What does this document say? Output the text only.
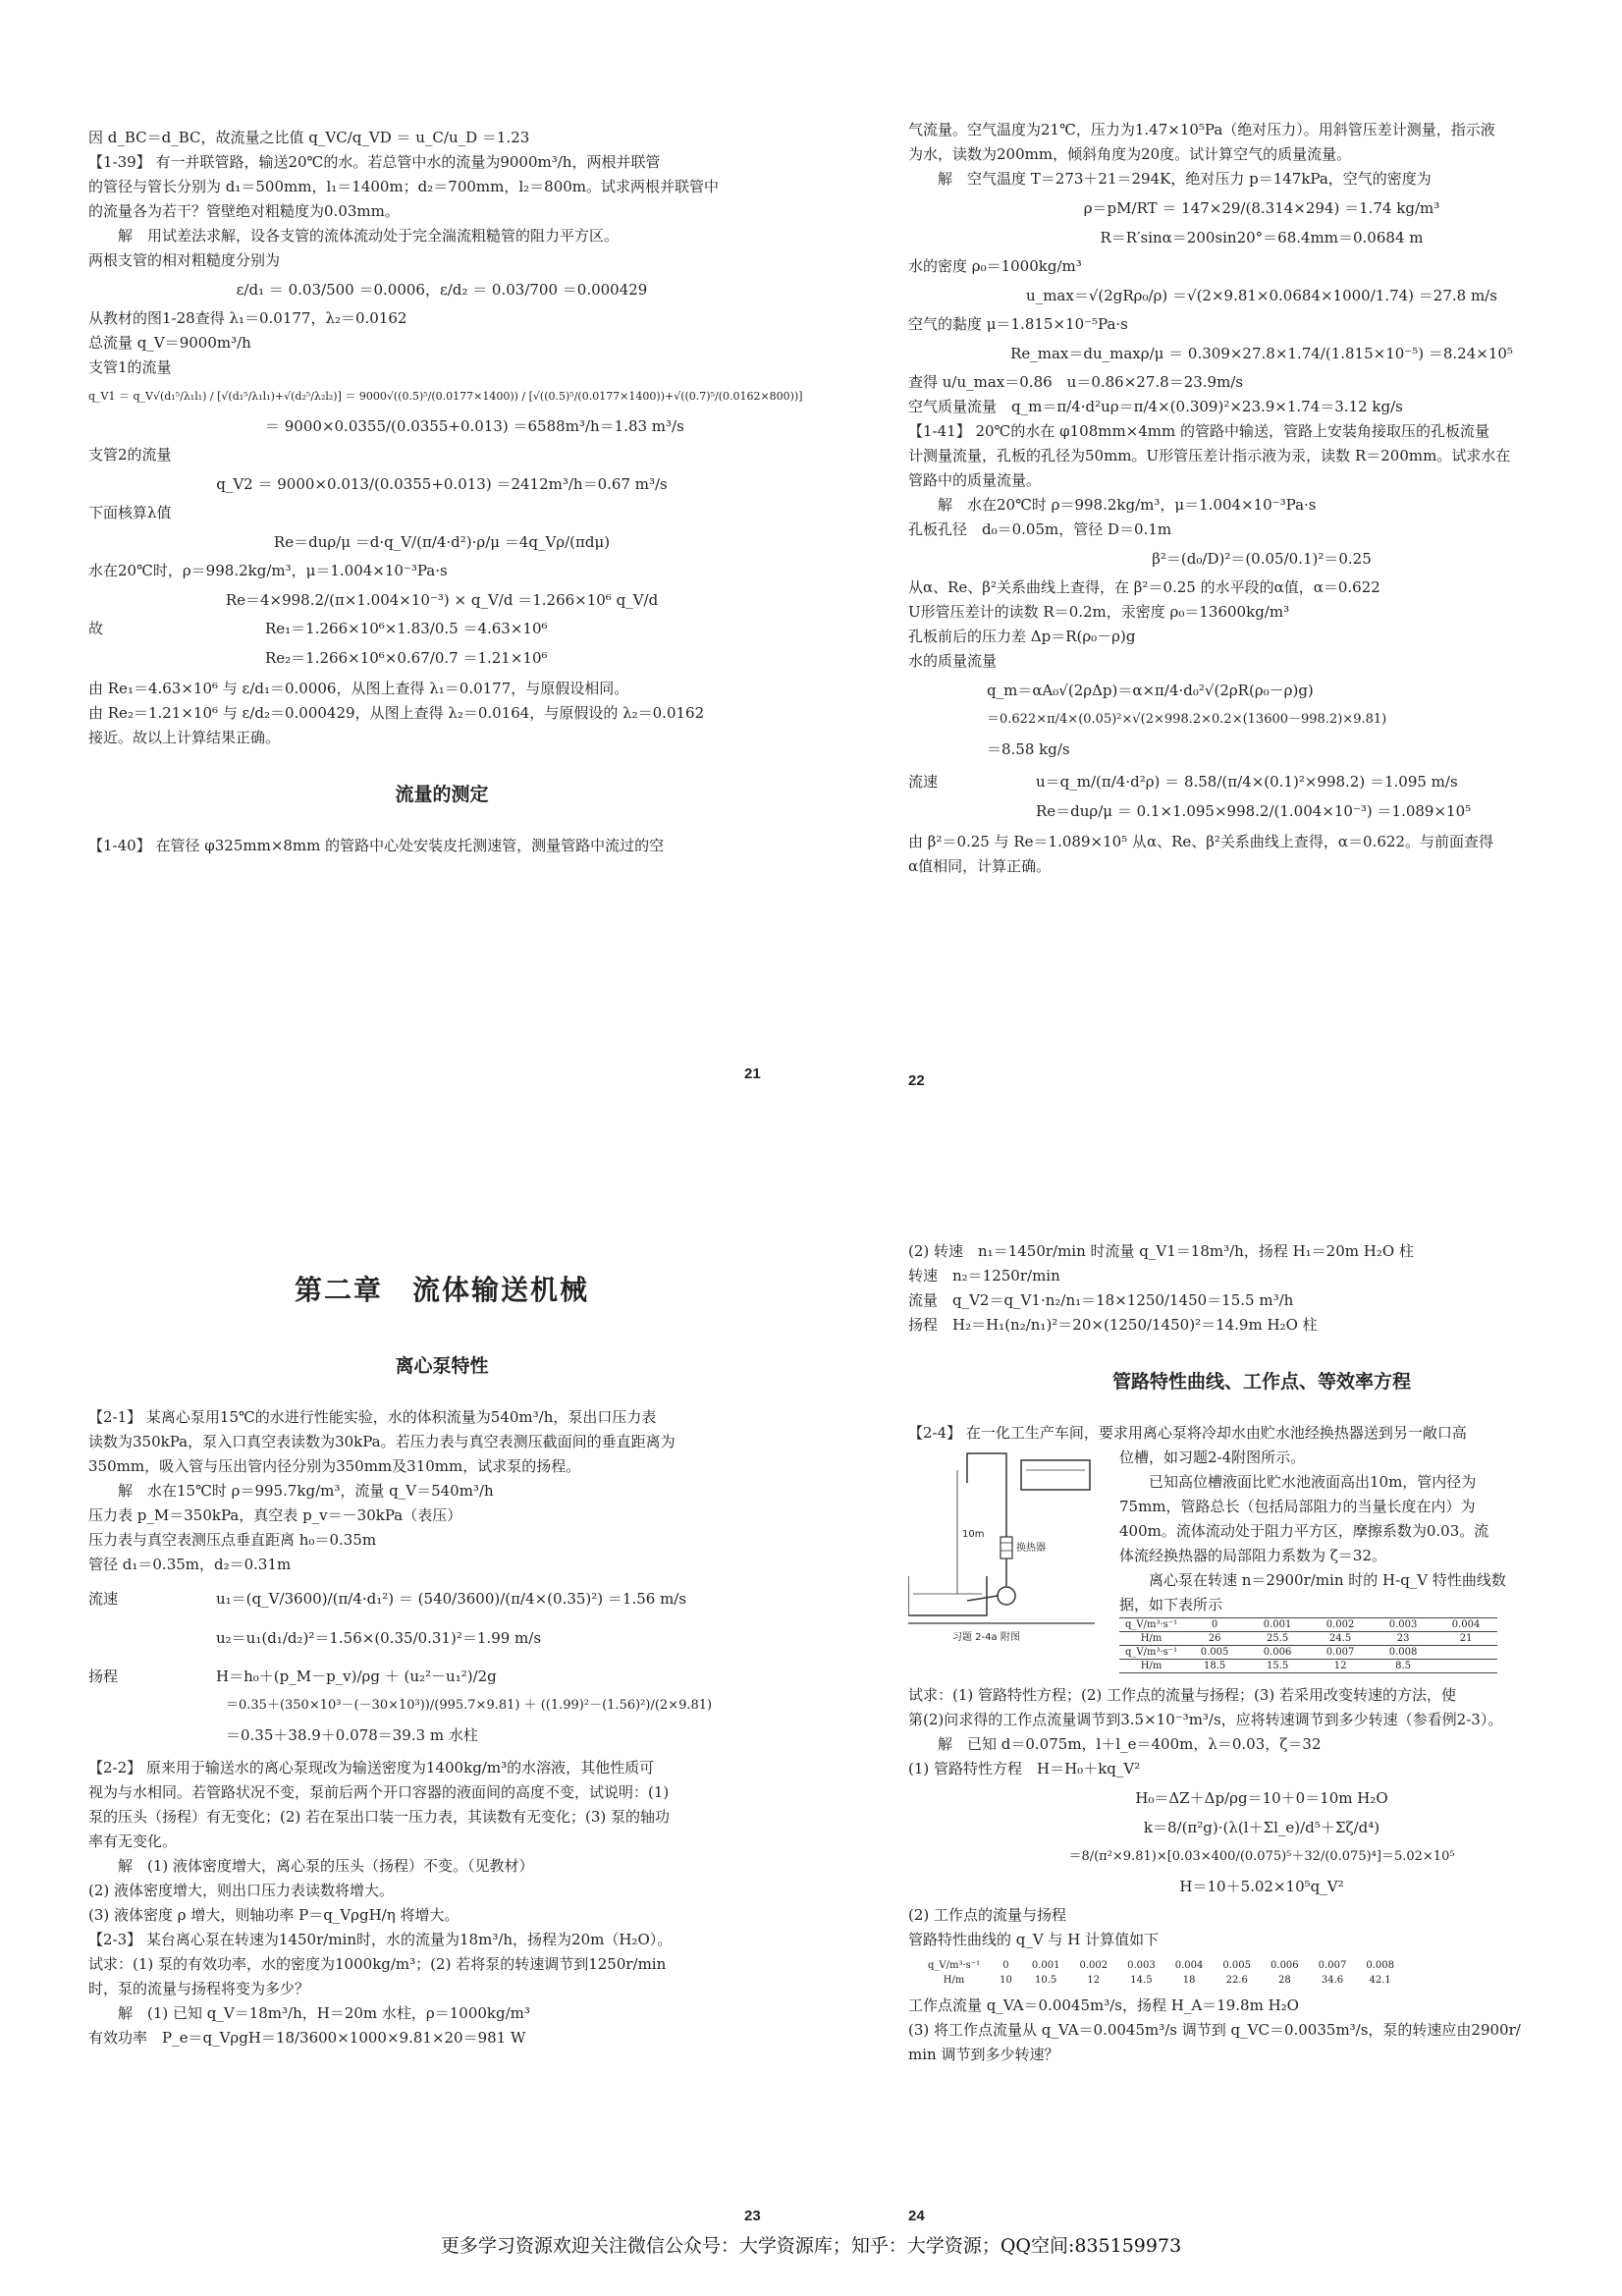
因 d_BC＝d_BC，故流量之比值 q_VC/q_VD ＝ u_C/u_D ＝1.23

【1-39】 有一并联管路，输送20℃的水。若总管中水的流量为9000m³/h，两根并联管

的管径与管长分别为 d₁＝500mm，l₁＝1400m；d₂＝700mm，l₂＝800m。试求两根并联管中

的流量各为若干？管壁绝对粗糙度为0.03mm。

解　用试差法求解，设各支管的流体流动处于完全湍流粗糙管的阻力平方区。

两根支管的相对粗糙度分别为

ε/d₁ ＝ 0.03/500 ＝0.0006，ε/d₂ ＝ 0.03/700 ＝0.000429

从教材的图1-28查得 λ₁＝0.0177，λ₂＝0.0162

总流量 q_V＝9000m³/h

支管1的流量

q_V1 ＝ q_V√(d₁⁵/λ₁l₁) / [√(d₁⁵/λ₁l₁)+√(d₂⁵/λ₂l₂)] ＝ 9000√((0.5)⁵/(0.0177×1400)) / [√((0.5)⁵/(0.0177×1400))+√((0.7)⁵/(0.0162×800))]

＝ 9000×0.0355/(0.0355+0.013) ＝6588m³/h＝1.83 m³/s

支管2的流量

q_V2 ＝ 9000×0.013/(0.0355+0.013) ＝2412m³/h＝0.67 m³/s

下面核算λ值

Re＝duρ/μ ＝d·q_V/(π/4·d²)·ρ/μ ＝4q_Vρ/(πdμ)

水在20℃时，ρ＝998.2kg/m³，μ＝1.004×10⁻³Pa·s

Re＝4×998.2/(π×1.004×10⁻³) × q_V/d ＝1.266×10⁶ q_V/d

故	Re₁＝1.266×10⁶×1.83/0.5 ＝4.63×10⁶

Re₂＝1.266×10⁶×0.67/0.7 ＝1.21×10⁶

由 Re₁＝4.63×10⁶ 与 ε/d₁＝0.0006，从图上查得 λ₁＝0.0177，与原假设相同。

由 Re₂＝1.21×10⁶ 与 ε/d₂＝0.000429，从图上查得 λ₂＝0.0164，与原假设的 λ₂＝0.0162

接近。故以上计算结果正确。

流量的测定

【1-40】 在管径 φ325mm×8mm 的管路中心处安装皮托测速管，测量管路中流过的空

21

气流量。空气温度为21℃，压力为1.47×10⁵Pa（绝对压力）。用斜管压差计测量，指示液

为水，读数为200mm，倾斜角度为20度。试计算空气的质量流量。

解　空气温度 T＝273＋21＝294K，绝对压力 p＝147kPa，空气的密度为

ρ＝pM/RT ＝ 147×29/(8.314×294) ＝1.74 kg/m³

R＝R′sinα＝200sin20°＝68.4mm＝0.0684 m

水的密度 ρ₀＝1000kg/m³

u_max＝√(2gRρ₀/ρ) ＝√(2×9.81×0.0684×1000/1.74) ＝27.8 m/s

空气的黏度 μ＝1.815×10⁻⁵Pa·s

Re_max＝du_maxρ/μ ＝ 0.309×27.8×1.74/(1.815×10⁻⁵) ＝8.24×10⁵

查得 u/u_max＝0.86　u＝0.86×27.8＝23.9m/s

空气质量流量　q_m＝π/4·d²uρ＝π/4×(0.309)²×23.9×1.74＝3.12 kg/s

【1-41】 20℃的水在 φ108mm×4mm 的管路中输送，管路上安装角接取压的孔板流量

计测量流量，孔板的孔径为50mm。U形管压差计指示液为汞，读数 R＝200mm。试求水在

管路中的质量流量。

解　水在20℃时 ρ＝998.2kg/m³，μ＝1.004×10⁻³Pa·s

孔板孔径　d₀＝0.05m，管径 D＝0.1m

β²＝(d₀/D)²＝(0.05/0.1)²＝0.25

从α、Re、β²关系曲线上查得，在 β²＝0.25 的水平段的α值，α＝0.622

U形管压差计的读数 R＝0.2m，汞密度 ρ₀＝13600kg/m³

孔板前后的压力差 Δp＝R(ρ₀－ρ)g

水的质量流量

q_m＝αA₀√(2ρΔp)＝α×π/4·d₀²√(2ρR(ρ₀－ρ)g)

＝0.622×π/4×(0.05)²×√(2×998.2×0.2×(13600－998.2)×9.81)

＝8.58 kg/s

流速	u＝q_m/(π/4·d²ρ) ＝ 8.58/(π/4×(0.1)²×998.2) ＝1.095 m/s

Re＝duρ/μ ＝ 0.1×1.095×998.2/(1.004×10⁻³) ＝1.089×10⁵

由 β²＝0.25 与 Re＝1.089×10⁵ 从α、Re、β²关系曲线上查得，α＝0.622。与前面查得

α值相同，计算正确。

22
第二章　流体输送机械
离心泵特性

【2-1】 某离心泵用15℃的水进行性能实验，水的体积流量为540m³/h，泵出口压力表

读数为350kPa，泵入口真空表读数为30kPa。若压力表与真空表测压截面间的垂直距离为

350mm，吸入管与压出管内径分别为350mm及310mm，试求泵的扬程。

解　水在15℃时 ρ＝995.7kg/m³，流量 q_V＝540m³/h

压力表 p_M＝350kPa，真空表 p_v＝－30kPa（表压）

压力表与真空表测压点垂直距离 h₀＝0.35m

管径 d₁＝0.35m，d₂＝0.31m

流速	u₁＝(q_V/3600)/(π/4·d₁²) ＝ (540/3600)/(π/4×(0.35)²) ＝1.56 m/s

u₂＝u₁(d₁/d₂)²＝1.56×(0.35/0.31)²＝1.99 m/s

扬程	H＝h₀＋(p_M－p_v)/ρg ＋ (u₂²－u₁²)/2g

＝0.35＋(350×10³－(－30×10³))/(995.7×9.81) ＋ ((1.99)²－(1.56)²)/(2×9.81)

＝0.35＋38.9＋0.078＝39.3 m 水柱

【2-2】 原来用于输送水的离心泵现改为输送密度为1400kg/m³的水溶液，其他性质可

视为与水相同。若管路状况不变，泵前后两个开口容器的液面间的高度不变，试说明：(1)

泵的压头（扬程）有无变化；(2) 若在泵出口装一压力表，其读数有无变化；(3) 泵的轴功

率有无变化。

解　(1) 液体密度增大，离心泵的压头（扬程）不变。（见教材）

(2) 液体密度增大，则出口压力表读数将增大。

(3) 液体密度 ρ 增大，则轴功率 P＝q_VρgH/η 将增大。

【2-3】 某台离心泵在转速为1450r/min时，水的流量为18m³/h，扬程为20m（H₂O）。

试求：(1) 泵的有效功率，水的密度为1000kg/m³；(2) 若将泵的转速调节到1250r/min

时，泵的流量与扬程将变为多少？

解　(1) 已知 q_V＝18m³/h，H＝20m 水柱，ρ＝1000kg/m³

有效功率　P_e＝q_VρgH＝18/3600×1000×9.81×20＝981 W

23

(2) 转速　n₁＝1450r/min 时流量 q_V1＝18m³/h，扬程 H₁＝20m H₂O 柱

转速　n₂＝1250r/min

流量　q_V2＝q_V1·n₂/n₁＝18×1250/1450＝15.5 m³/h

扬程　H₂＝H₁(n₂/n₁)²＝20×(1250/1450)²＝14.9m H₂O 柱

管路特性曲线、工作点、等效率方程

【2-4】 在一化工生产车间，要求用离心泵将冷却水由贮水池经换热器送到另一敞口高

位槽，如习题2-4附图所示。

已知高位槽液面比贮水池液面高出10m，管内径为

75mm，管路总长（包括局部阻力的当量长度在内）为

400m。流体流动处于阻力平方区，摩擦系数为0.03。流

体流经换热器的局部阻力系数为 ζ＝32。

离心泵在转速 n＝2900r/min 时的 H-q_V 特性曲线数

据，如下表所示

q_V/m³·s⁻¹	0	0.001	0.002	0.003	0.004
H/m	26	25.5	24.5	23	21
q_V/m³·s⁻¹	0.005	0.006	0.007	0.008	
H/m	18.5	15.5	12	8.5	
10m
换热器
习题 2-4a 附图

试求：(1) 管路特性方程；(2) 工作点的流量与扬程；(3) 若采用改变转速的方法，使

第(2)问求得的工作点流量调节到3.5×10⁻³m³/s，应将转速调节到多少转速（参看例2-3）。

解　已知 d＝0.075m，l＋l_e＝400m，λ＝0.03，ζ＝32

(1) 管路特性方程　H＝H₀＋kq_V²

H₀＝ΔZ＋Δp/ρg＝10＋0＝10m H₂O

k＝8/(π²g)·(λ(l＋Σl_e)/d⁵＋Σζ/d⁴)

＝8/(π²×9.81)×[0.03×400/(0.075)⁵＋32/(0.075)⁴]＝5.02×10⁵

H＝10＋5.02×10⁵q_V²

(2) 工作点的流量与扬程

管路特性曲线的 q_V 与 H 计算值如下

q_V/m³·s⁻¹	0	0.001	0.002	0.003	0.004	0.005	0.006	0.007	0.008
H/m	10	10.5	12	14.5	18	22.6	28	34.6	42.1

工作点流量 q_VA＝0.0045m³/s，扬程 H_A＝19.8m H₂O

(3) 将工作点流量从 q_VA＝0.0045m³/s 调节到 q_VC＝0.0035m³/s，泵的转速应由2900r/

min 调节到多少转速？

24
更多学习资源欢迎关注微信公众号：大学资源库；知乎：大学资源；QQ空间:835159973
